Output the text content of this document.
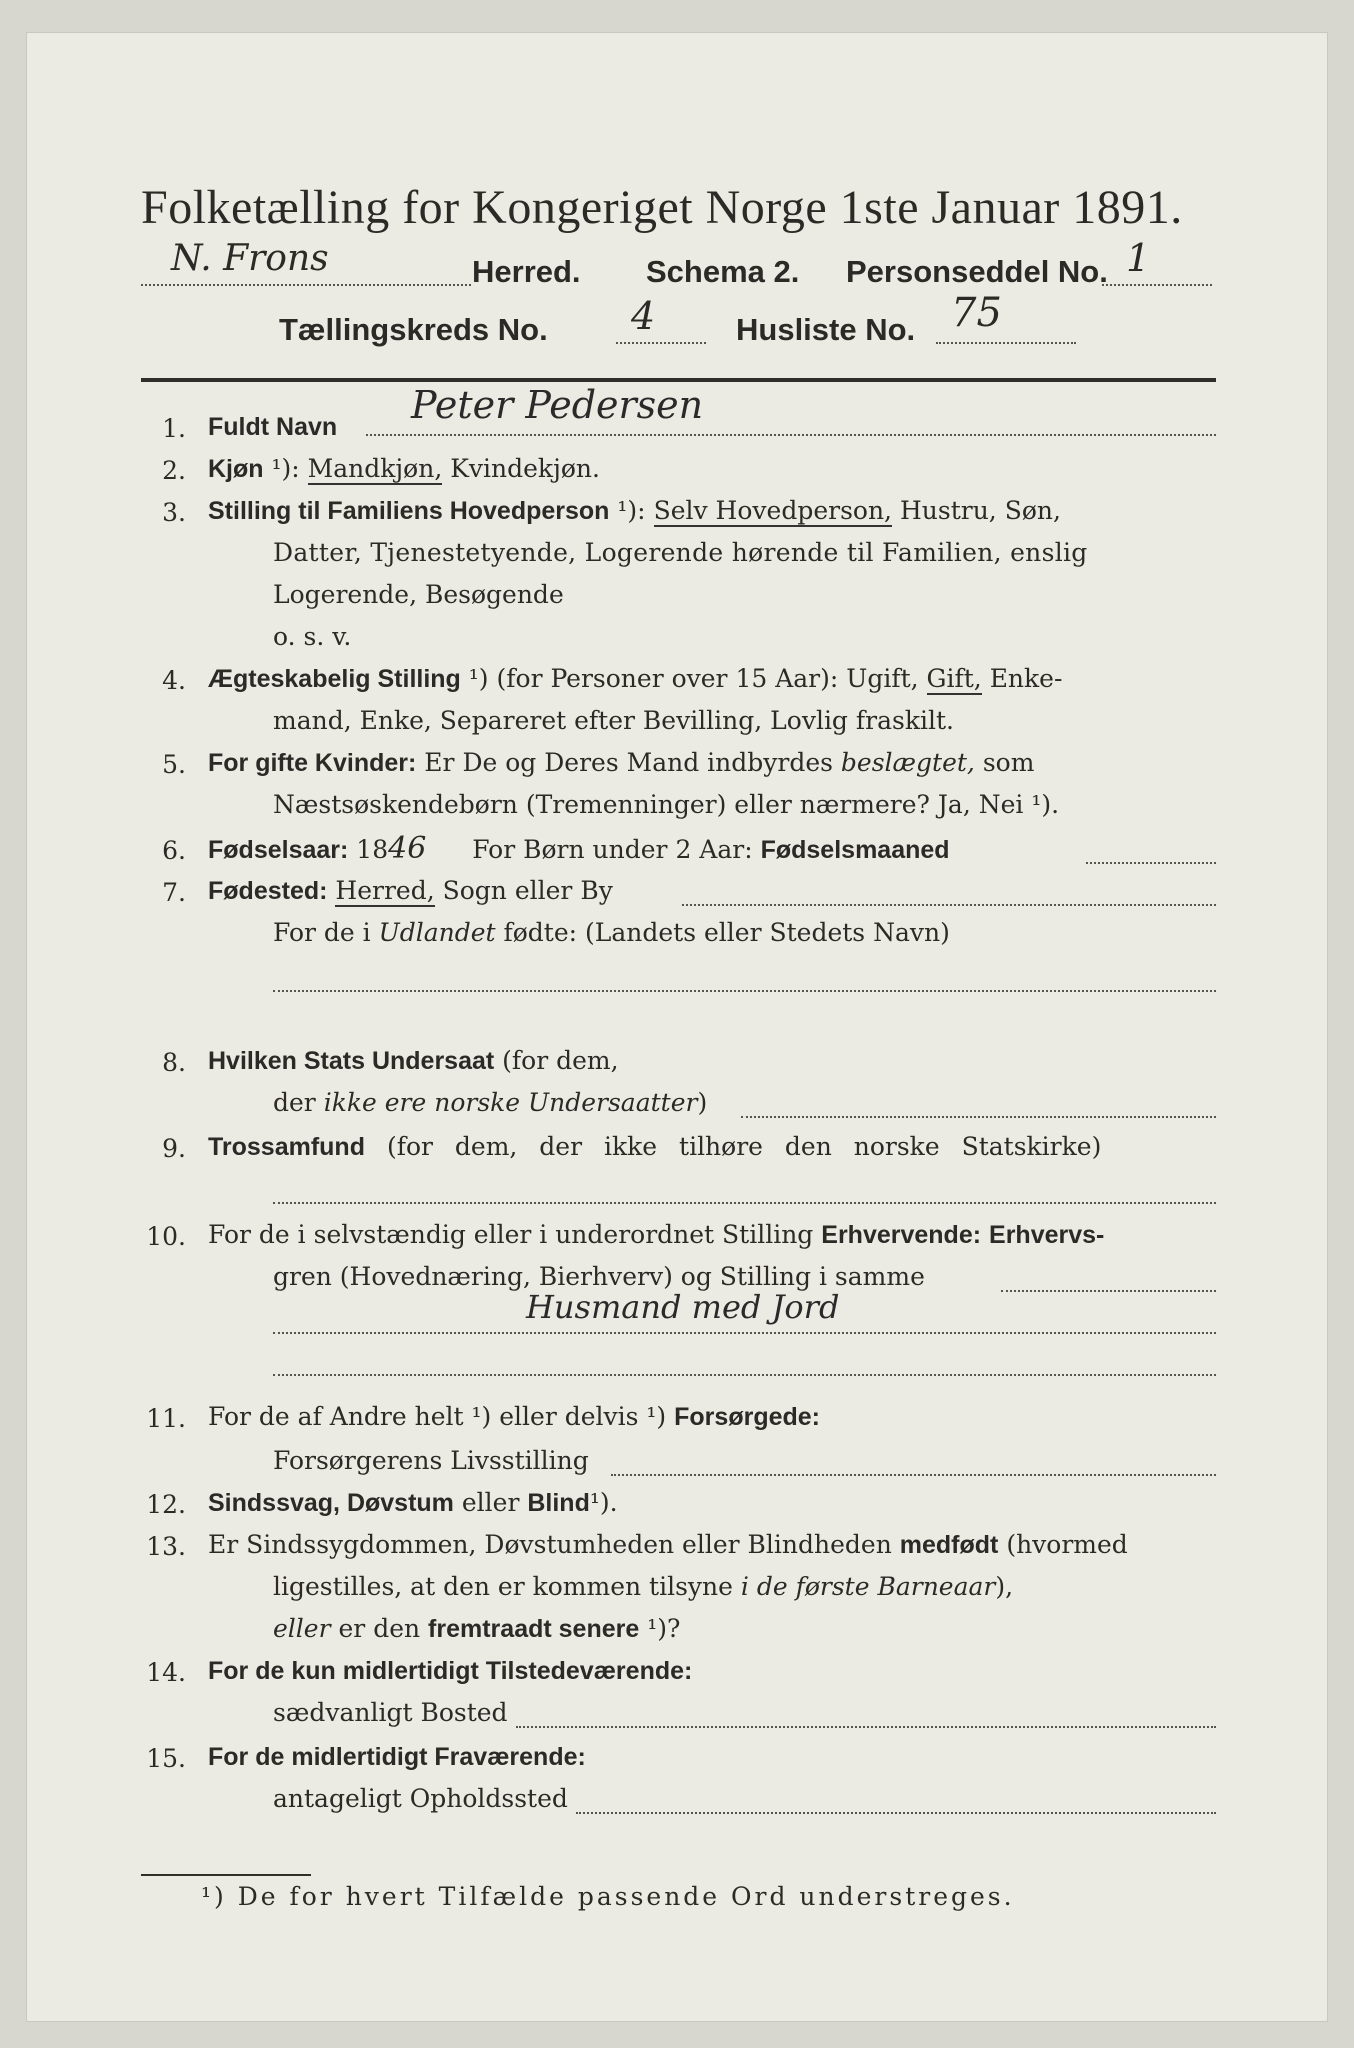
Folketælling for Kongeriget Norge 1ste Januar 1891.
N. Frons	Herred. Schema 2. Personseddel No. 1
Tællingskreds No. 4	Husliste No. 75
1. Fuldt Navn Peter Pedersen
2. Kjøn ¹): Mandkjøn, Kvindekjøn.
3. Stilling til Familiens Hovedperson ¹): Selv Hovedperson, Hustru, Søn,
Datter, Tjenestetyende, Logerende hørende til Familien, enslig
Logerende, Besøgende
o. s. v.
4. Ægteskabelig Stilling ¹) (for Personer over 15 Aar): Ugift, Gift, Enke-
mand, Enke, Separeret efter Bevilling, Lovlig fraskilt.
5. For gifte Kvinder: Er De og Deres Mand indbyrdes beslægtet, som
Næstsøskendebørn (Tremenninger) eller nærmere? Ja, Nei ¹).
6. Fødselsaar: 1846 For Børn under 2 Aar: Fødselsmaaned
7. Fødested: Herred, Sogn eller By
For de i Udlandet fødte: (Landets eller Stedets Navn)
8. Hvilken Stats Undersaat (for dem,
der ikke ere norske Undersaatter)
9. Trossamfund (for dem, der ikke tilhøre den norske Statskirke)
10. For de i selvstændig eller i underordnet Stilling Erhvervende: Erhvervs-
gren (Hovednæring, Bierhverv) og Stilling i samme
Husmand med Jord
11. For de af Andre helt ¹) eller delvis ¹) Forsørgede:
Forsørgerens Livsstilling
12. Sindssvag, Døvstum eller Blind¹).
13. Er Sindssygdommen, Døvstumheden eller Blindheden medfødt (hvormed
ligestilles, at den er kommen tilsyne i de første Barneaar),
eller er den fremtraadt senere ¹)?
14. For de kun midlertidigt Tilstedeværende:
sædvanligt Bosted
15. For de midlertidigt Fraværende:
antageligt Opholdssted
¹) De for hvert Tilfælde passende Ord understreges.
